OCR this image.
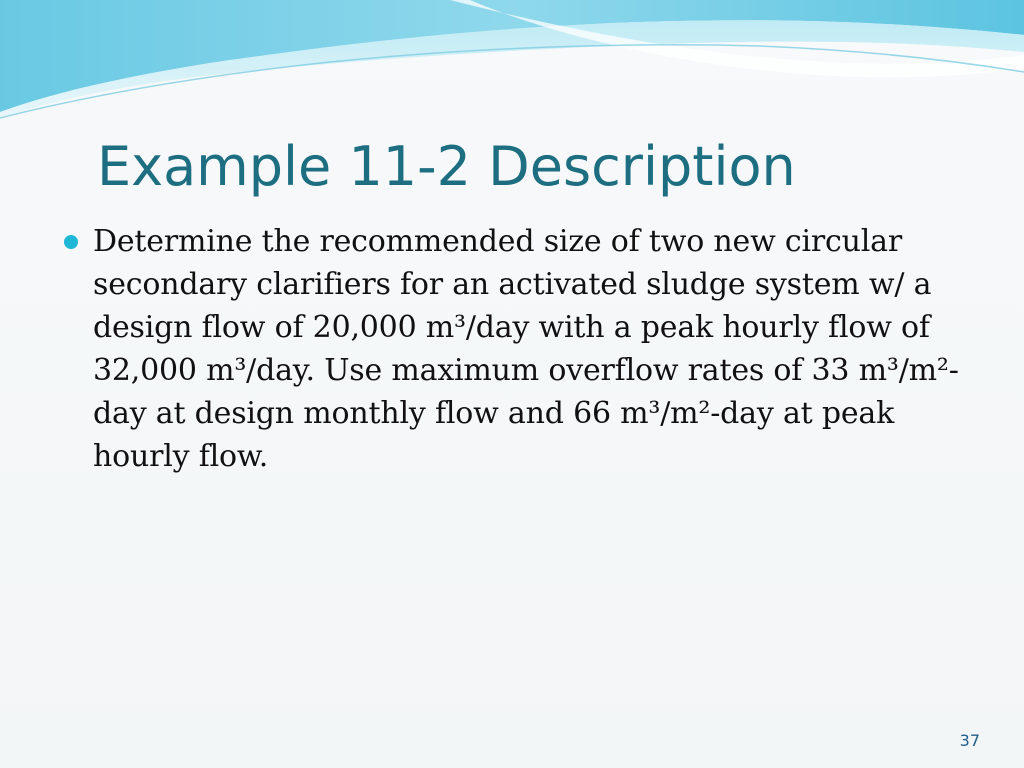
Example 11-2 Description
Determine the recommended size of two new circular secondary clarifiers for an activated sludge system w/ a design flow of 20,000 m³/day with a peak hourly flow of 32,000 m³/day. Use maximum overflow rates of 33 m³/m²-day at design monthly flow and 66 m³/m²-day at peak hourly flow.
37
